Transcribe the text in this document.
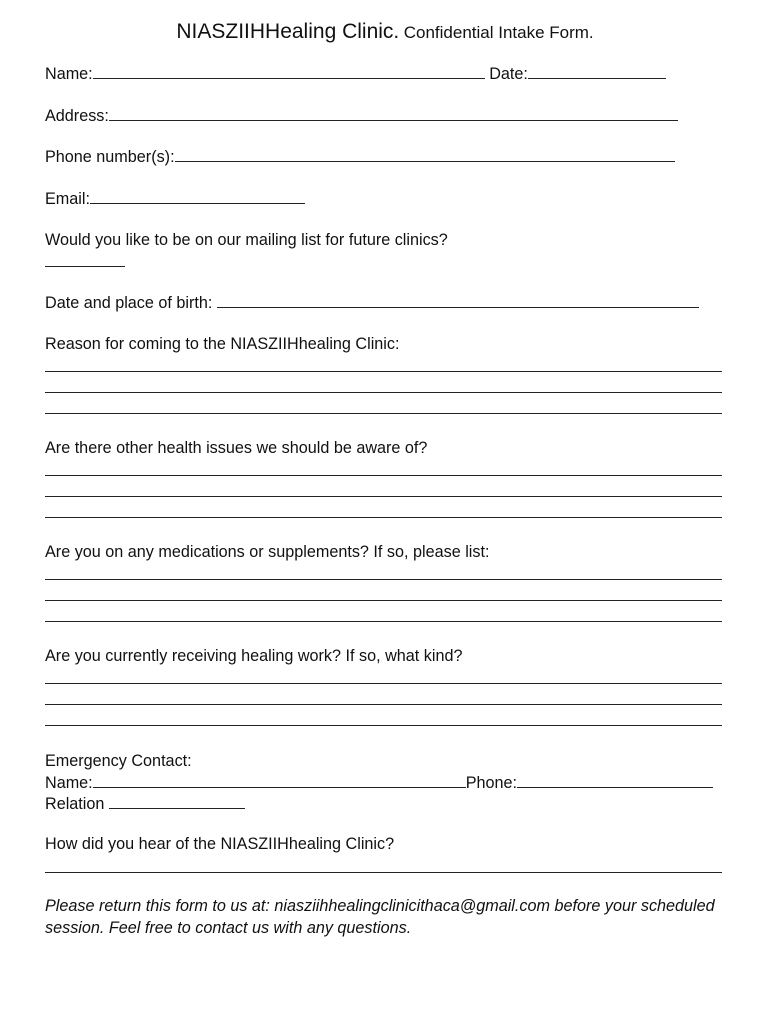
NIASZIIHHealing Clinic. Confidential Intake Form.
Name:	Date:
Address:
Phone number(s):
Email:
Would you like to be on our mailing list for future clinics?
Date and place of birth:
Reason for coming to the NIASZIIHhealing Clinic:
Are there other health issues we should be aware of?
Are you on any medications or supplements? If so, please list:
Are you currently receiving healing work? If so, what kind?
Emergency Contact:
Name:	Phone:
Relation
How did you hear of the NIASZIIHhealing Clinic?
Please return this form to us at: niasziihhealingclinicithaca@gmail.com before your scheduled session. Feel free to contact us with any questions.
